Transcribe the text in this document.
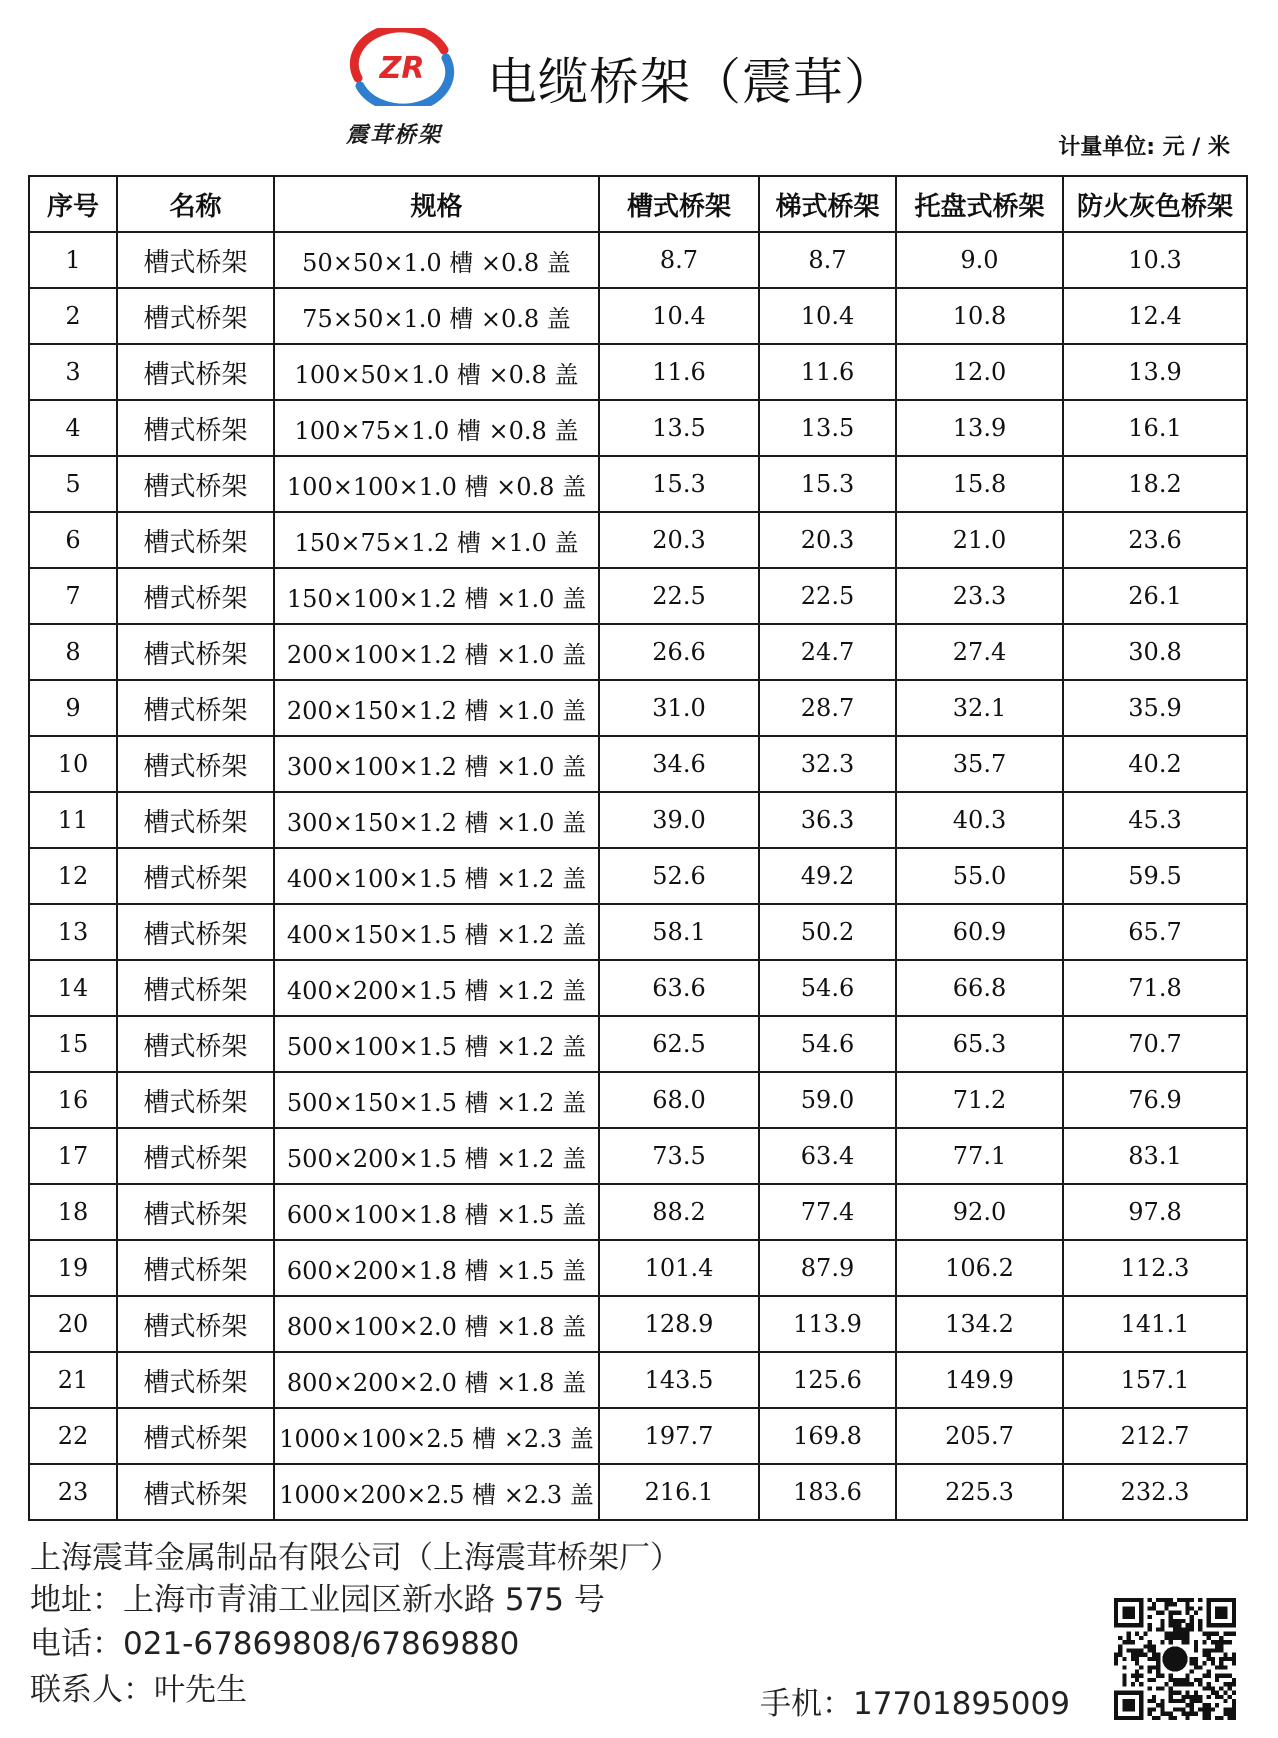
ZR
震茸桥架
电缆桥架（震茸）
计量单位: 元 / 米
序号	名称	规格	槽式桥架	梯式桥架	托盘式桥架	防火灰色桥架
1	槽式桥架	50×50×1.0 槽 ×0.8 盖	8.7	8.7	9.0	10.3
2	槽式桥架	75×50×1.0 槽 ×0.8 盖	10.4	10.4	10.8	12.4
3	槽式桥架	100×50×1.0 槽 ×0.8 盖	11.6	11.6	12.0	13.9
4	槽式桥架	100×75×1.0 槽 ×0.8 盖	13.5	13.5	13.9	16.1
5	槽式桥架	100×100×1.0 槽 ×0.8 盖	15.3	15.3	15.8	18.2
6	槽式桥架	150×75×1.2 槽 ×1.0 盖	20.3	20.3	21.0	23.6
7	槽式桥架	150×100×1.2 槽 ×1.0 盖	22.5	22.5	23.3	26.1
8	槽式桥架	200×100×1.2 槽 ×1.0 盖	26.6	24.7	27.4	30.8
9	槽式桥架	200×150×1.2 槽 ×1.0 盖	31.0	28.7	32.1	35.9
10	槽式桥架	300×100×1.2 槽 ×1.0 盖	34.6	32.3	35.7	40.2
11	槽式桥架	300×150×1.2 槽 ×1.0 盖	39.0	36.3	40.3	45.3
12	槽式桥架	400×100×1.5 槽 ×1.2 盖	52.6	49.2	55.0	59.5
13	槽式桥架	400×150×1.5 槽 ×1.2 盖	58.1	50.2	60.9	65.7
14	槽式桥架	400×200×1.5 槽 ×1.2 盖	63.6	54.6	66.8	71.8
15	槽式桥架	500×100×1.5 槽 ×1.2 盖	62.5	54.6	65.3	70.7
16	槽式桥架	500×150×1.5 槽 ×1.2 盖	68.0	59.0	71.2	76.9
17	槽式桥架	500×200×1.5 槽 ×1.2 盖	73.5	63.4	77.1	83.1
18	槽式桥架	600×100×1.8 槽 ×1.5 盖	88.2	77.4	92.0	97.8
19	槽式桥架	600×200×1.8 槽 ×1.5 盖	101.4	87.9	106.2	112.3
20	槽式桥架	800×100×2.0 槽 ×1.8 盖	128.9	113.9	134.2	141.1
21	槽式桥架	800×200×2.0 槽 ×1.8 盖	143.5	125.6	149.9	157.1
22	槽式桥架	1000×100×2.5 槽 ×2.3 盖	197.7	169.8	205.7	212.7
23	槽式桥架	1000×200×2.5 槽 ×2.3 盖	216.1	183.6	225.3	232.3
上海震茸金属制品有限公司（上海震茸桥架厂）
地址：上海市青浦工业园区新水路 575 号
电话：021-67869808/67869880
联系人：叶先生	手机：17701895009
